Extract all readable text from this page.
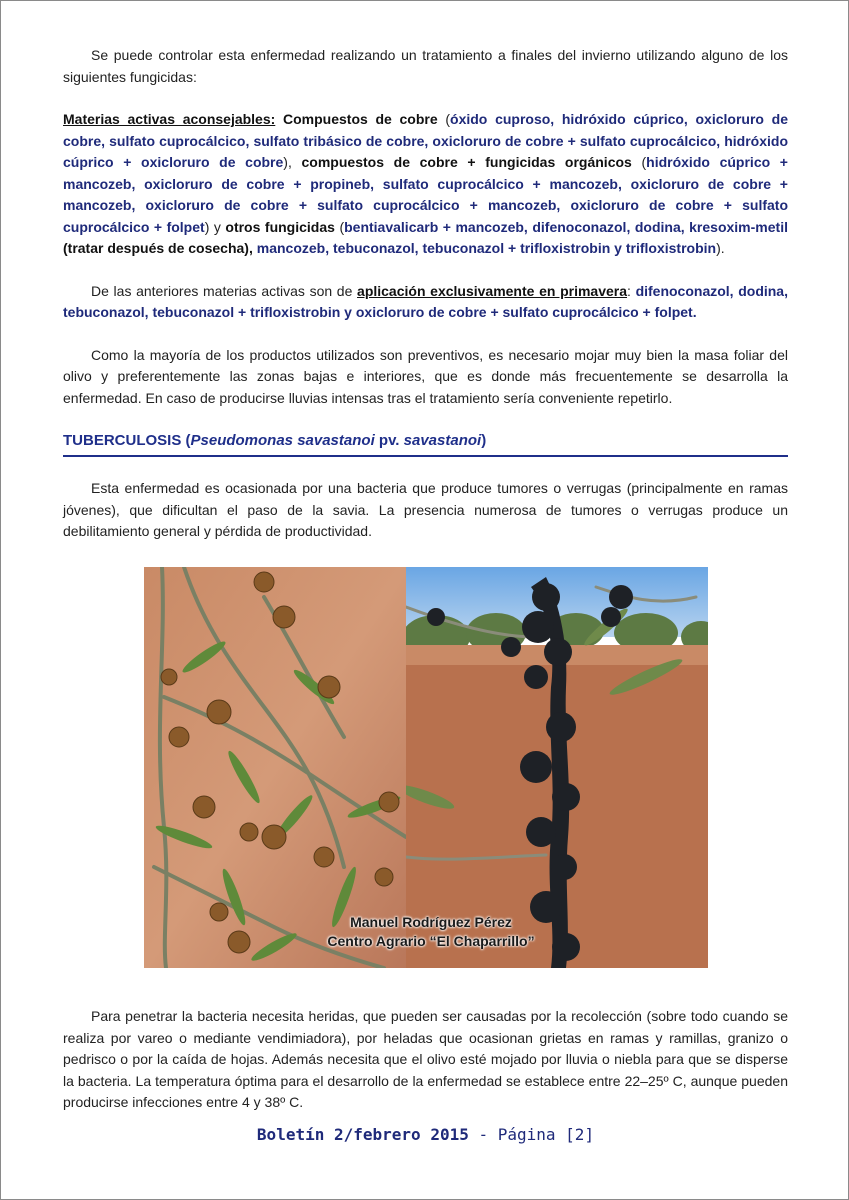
Se puede controlar esta enfermedad realizando un tratamiento a finales del invierno utilizando alguno de los siguientes fungicidas:

Materias activas aconsejables: Compuestos de cobre (óxido cuproso, hidróxido cúprico, oxicloruro de cobre, sulfato cuprocálcico, sulfato tribásico de cobre, oxicloruro de cobre + sulfato cuprocálcico, hidróxido cúprico + oxicloruro de cobre), compuestos de cobre + fungicidas orgánicos (hidróxido cúprico + mancozeb, oxicloruro de cobre + propineb, sulfato cuprocálcico + mancozeb, oxicloruro de cobre + mancozeb, oxicloruro de cobre + sulfato cuprocálcico + mancozeb, oxicloruro de cobre + sulfato cuprocálcico + folpet) y otros fungicidas (bentiavalicarb + mancozeb, difenoconazol, dodina, kresoxim-metil (tratar después de cosecha), mancozeb, tebuconazol, tebuconazol + trifloxistrobin y trifloxistrobin).

De las anteriores materias activas son de aplicación exclusivamente en primavera: difenoconazol, dodina, tebuconazol, tebuconazol + trifloxistrobin y oxicloruro de cobre + sulfato cuprocálcico + folpet.

Como la mayoría de los productos utilizados son preventivos, es necesario mojar muy bien la masa foliar del olivo y preferentemente las zonas bajas e interiores, que es donde más frecuentemente se desarrolla la enfermedad. En caso de producirse lluvias intensas tras el tratamiento sería conveniente repetirlo.

TUBERCULOSIS (Pseudomonas savastanoi pv. savastanoi)

Esta enfermedad es ocasionada por una bacteria que produce tumores o verrugas (principalmente en ramas jóvenes), que dificultan el paso de la savia. La presencia numerosa de tumores o verrugas produce un debilitamiento general y pérdida de productividad.

Manuel Rodríguez Pérez
Centro Agrario “El Chaparrillo”

Para penetrar la bacteria necesita heridas, que pueden ser causadas por la recolección (sobre todo cuando se realiza por vareo o mediante vendimiadora), por heladas que ocasionan grietas en ramas y ramillas, granizo o pedrisco o por la caída de hojas. Además necesita que el olivo esté mojado por lluvia o niebla para que se disperse la bacteria. La temperatura óptima para el desarrollo de la enfermedad se establece entre 22–25º C, aunque pueden producirse infecciones entre 4 y 38º C.

Boletín 2/febrero 2015 - Página [2]
